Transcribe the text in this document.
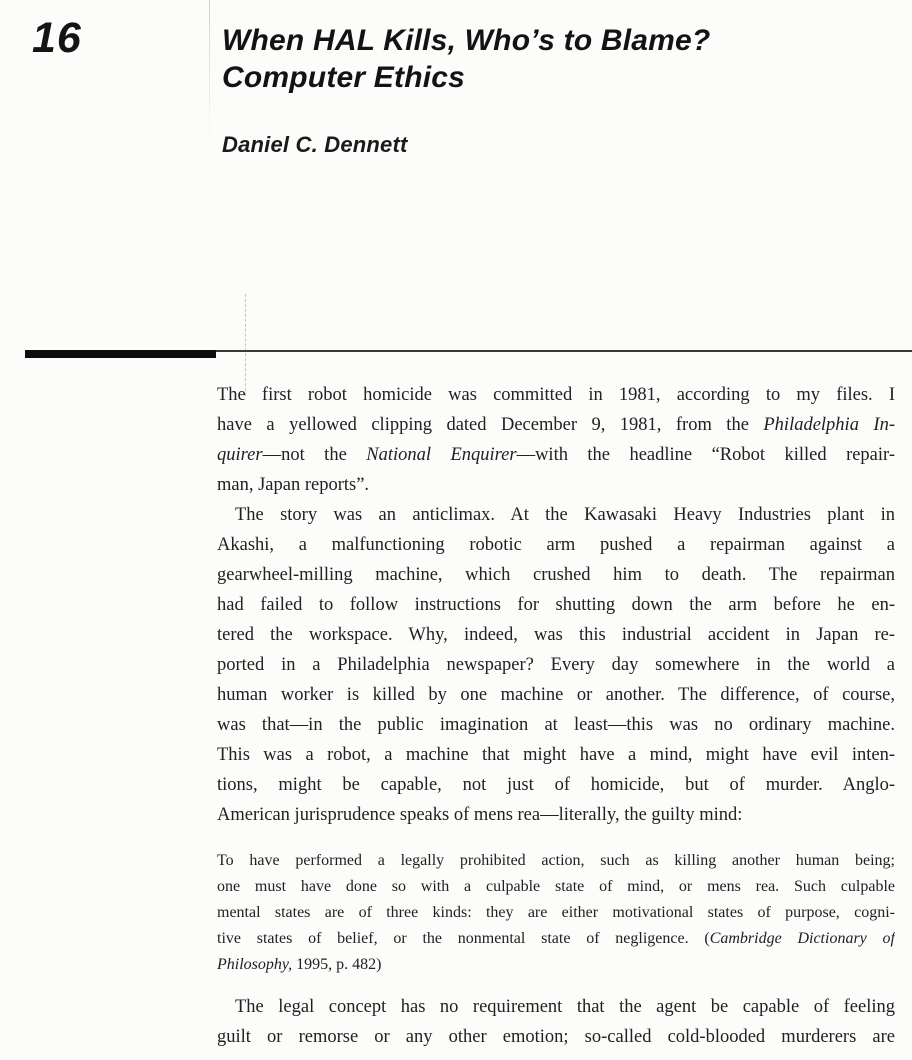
16	When HAL Kills, Who’s to Blame?
Computer Ethics
Daniel C. Dennett
The first robot homicide was committed in 1981, according to my files. I
have a yellowed clipping dated December 9, 1981, from the Philadelphia In-
quirer—not the National Enquirer—with the headline “Robot killed repair-
man, Japan reports”.
The story was an anticlimax. At the Kawasaki Heavy Industries plant in
Akashi, a malfunctioning robotic arm pushed a repairman against a
gearwheel-milling machine, which crushed him to death. The repairman
had failed to follow instructions for shutting down the arm before he en-
tered the workspace. Why, indeed, was this industrial accident in Japan re-
ported in a Philadelphia newspaper? Every day somewhere in the world a
human worker is killed by one machine or another. The difference, of course,
was that—in the public imagination at least—this was no ordinary machine.
This was a robot, a machine that might have a mind, might have evil inten-
tions, might be capable, not just of homicide, but of murder. Anglo-
American jurisprudence speaks of mens rea—literally, the guilty mind:
To have performed a legally prohibited action, such as killing another human being;
one must have done so with a culpable state of mind, or mens rea. Such culpable
mental states are of three kinds: they are either motivational states of purpose, cogni-
tive states of belief, or the nonmental state of negligence. (Cambridge Dictionary of
Philosophy, 1995, p. 482)
The legal concept has no requirement that the agent be capable of feeling
guilt or remorse or any other emotion; so-called cold-blooded murderers are
